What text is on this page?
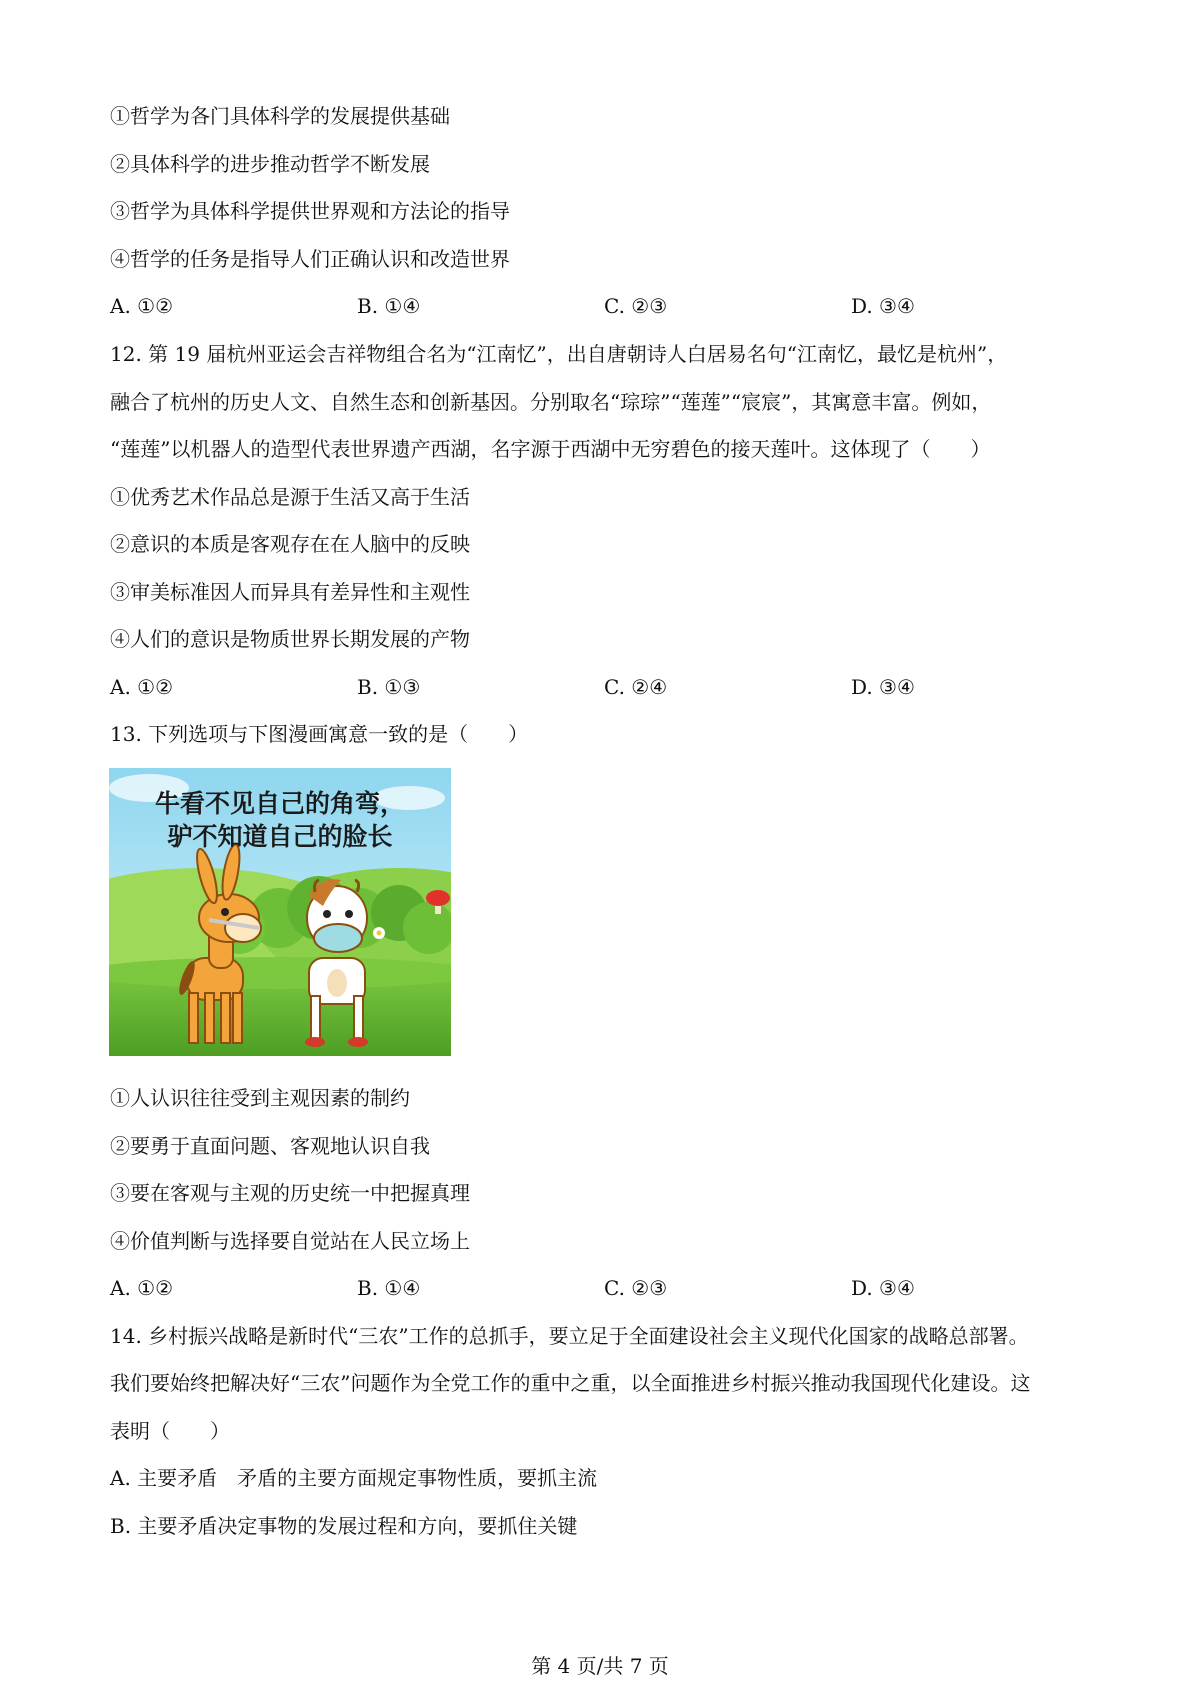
①哲学为各门具体科学的发展提供基础
②具体科学的进步推动哲学不断发展
③哲学为具体科学提供世界观和方法论的指导
④哲学的任务是指导人们正确认识和改造世界
A. ①②	B. ①④	C. ②③	D. ③④
12. 第 19 届杭州亚运会吉祥物组合名为“江南忆”，出自唐朝诗人白居易名句“江南忆，最忆是杭州”，
融合了杭州的历史人文、自然生态和创新基因。分别取名“琮琮”“莲莲”“宸宸”，其寓意丰富。例如，
“莲莲”以机器人的造型代表世界遗产西湖，名字源于西湖中无穷碧色的接天莲叶。这体现了（　　）
①优秀艺术作品总是源于生活又高于生活
②意识的本质是客观存在在人脑中的反映
③审美标准因人而异具有差异性和主观性
④人们的意识是物质世界长期发展的产物
A. ①②	B. ①③	C. ②④	D. ③④
13. 下列选项与下图漫画寓意一致的是（　　）
牛看不见自己的角弯，
驴不知道自己的脸长
①人认识往往受到主观因素的制约
②要勇于直面问题、客观地认识自我
③要在客观与主观的历史统一中把握真理
④价值判断与选择要自觉站在人民立场上
A. ①②	B. ①④	C. ②③	D. ③④
14. 乡村振兴战略是新时代“三农”工作的总抓手，要立足于全面建设社会主义现代化国家的战略总部署。
我们要始终把解决好“三农”问题作为全党工作的重中之重，以全面推进乡村振兴推动我国现代化建设。这
表明（　　）
A. 主要矛盾　矛盾的主要方面规定事物性质，要抓主流
B. 主要矛盾决定事物的发展过程和方向，要抓住关键
第 4 页/共 7 页
